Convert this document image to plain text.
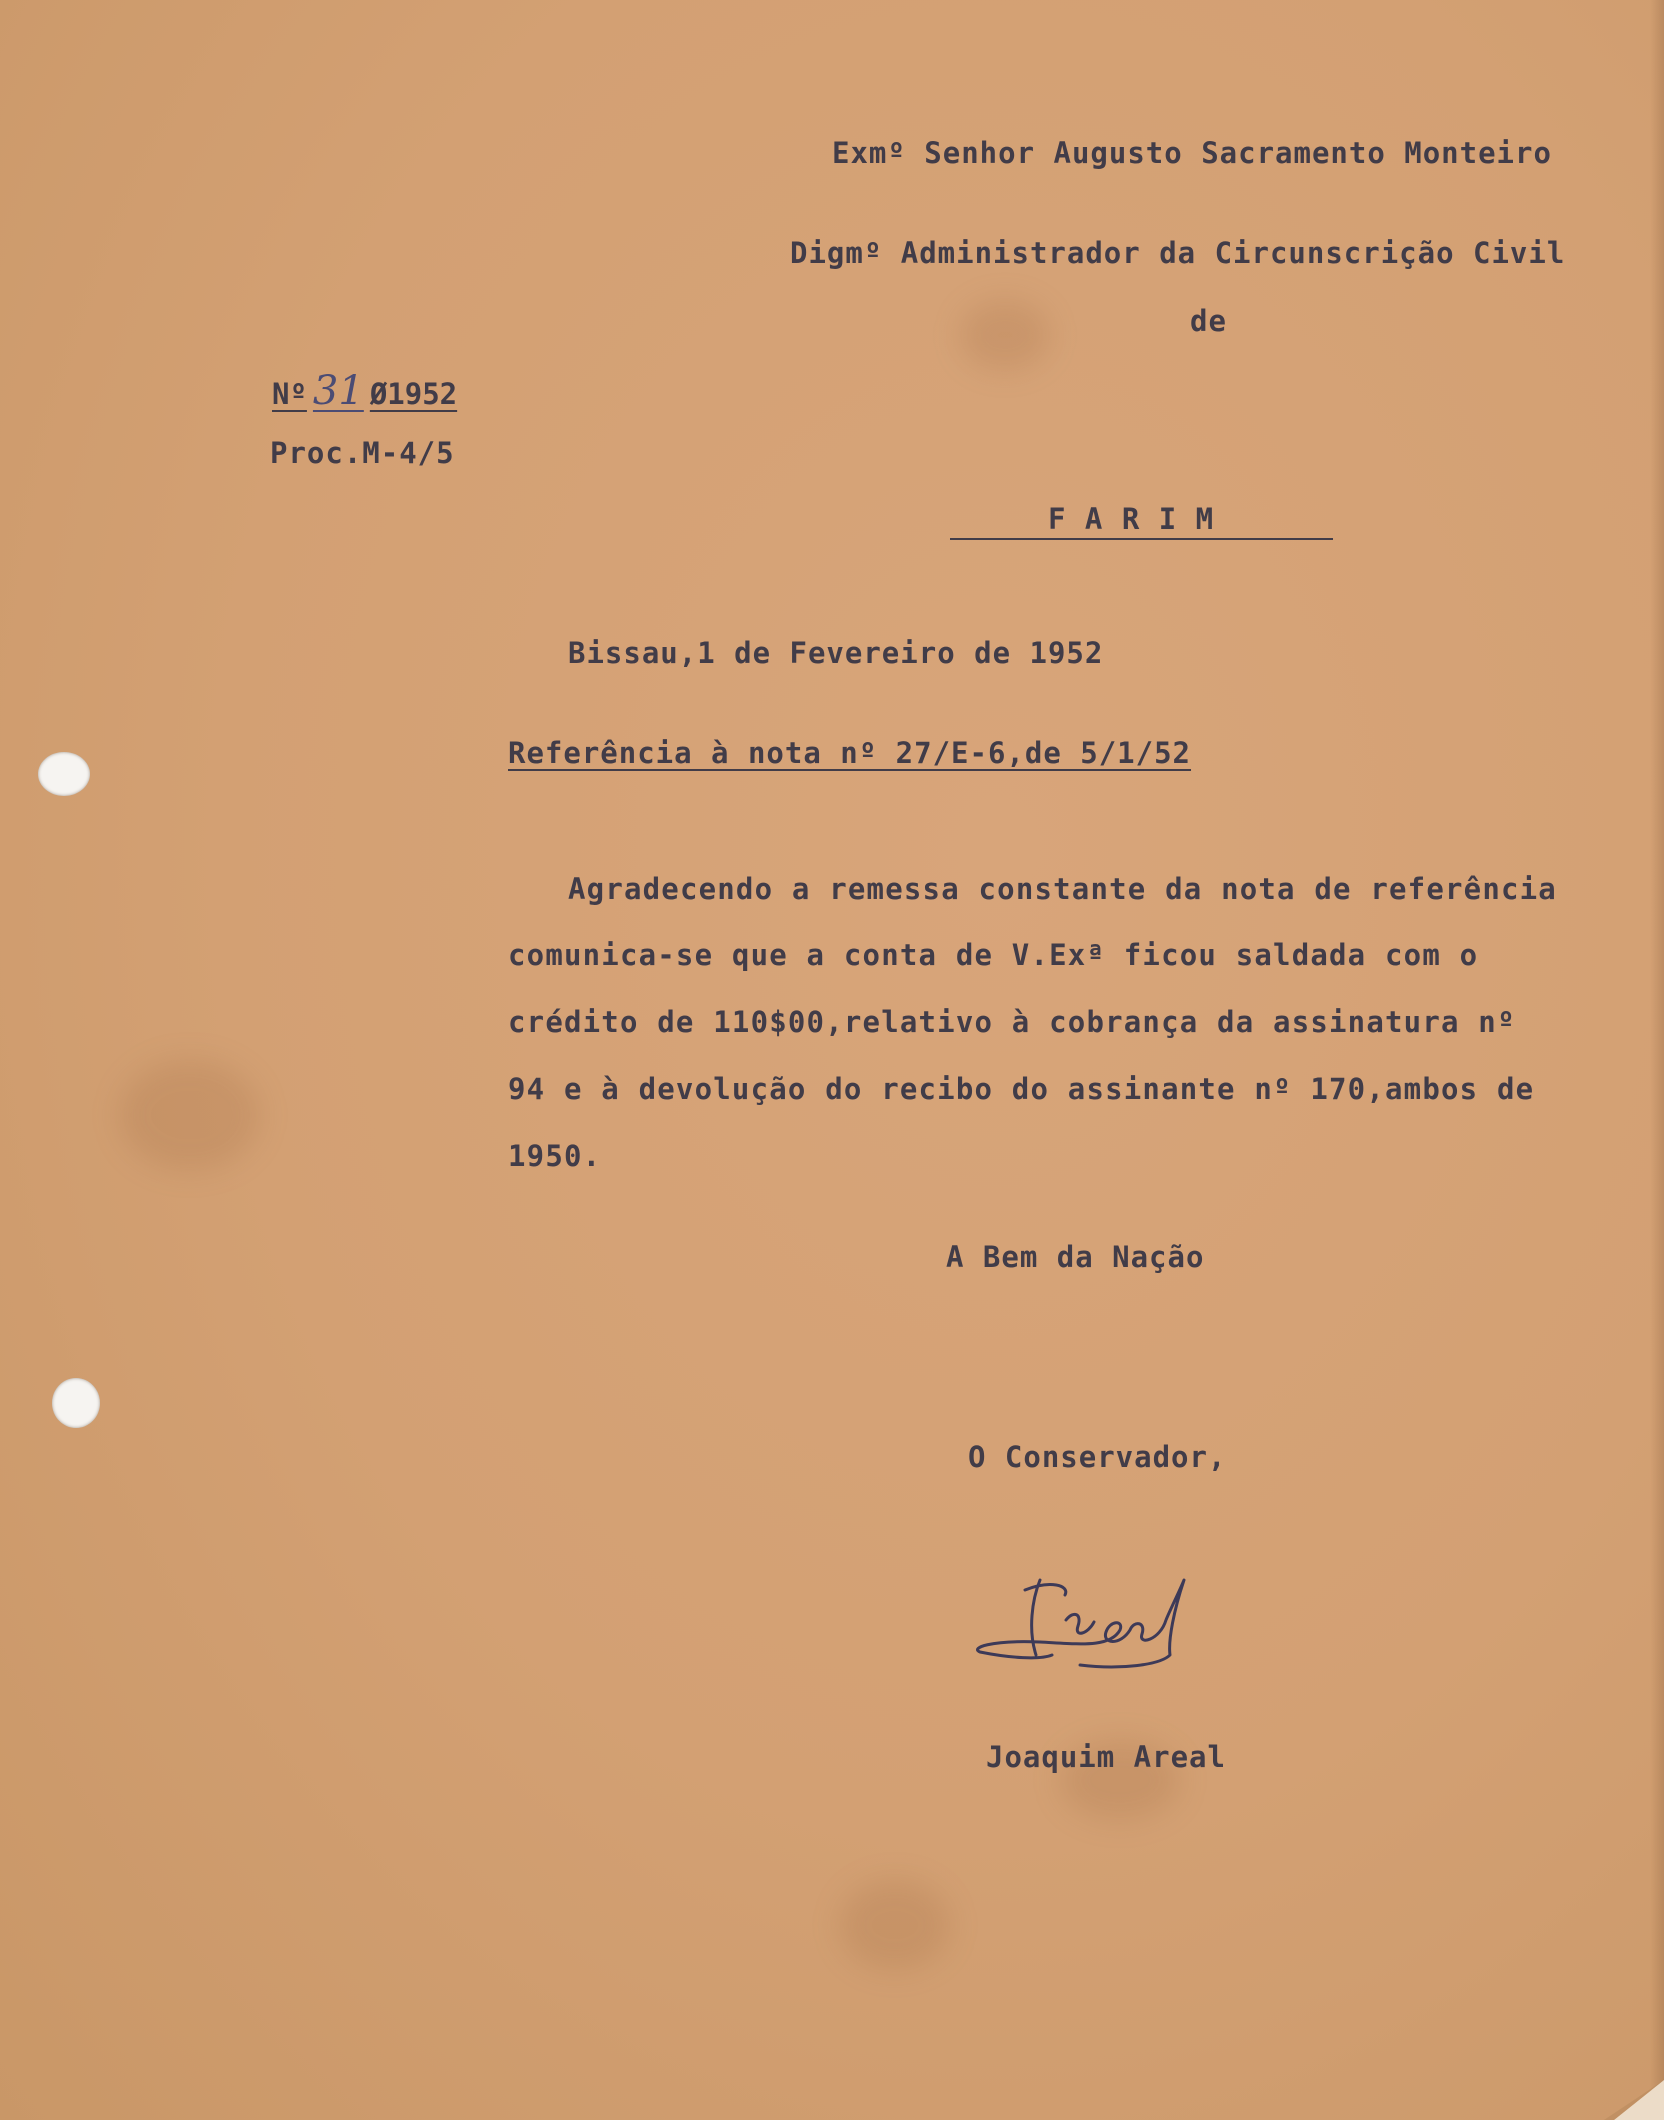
Exmº Senhor Augusto Sacramento Monteiro
Digmº Administrador da Circunscrição Civil
de
Nº 31 Ø1952
Proc.M-4/5
F A R I M
Bissau,1 de Fevereiro de 1952
Referência à nota nº 27/E-6,de 5/1/52
Agradecendo a remessa constante da nota de referência
comunica-se que a conta de V.Exª ficou saldada com o
crédito de 110$00,relativo à cobrança da assinatura nº
94 e à devolução do recibo do assinante nº 170,ambos de
1950.
A Bem da Nação
O Conservador,
Joaquim Areal
